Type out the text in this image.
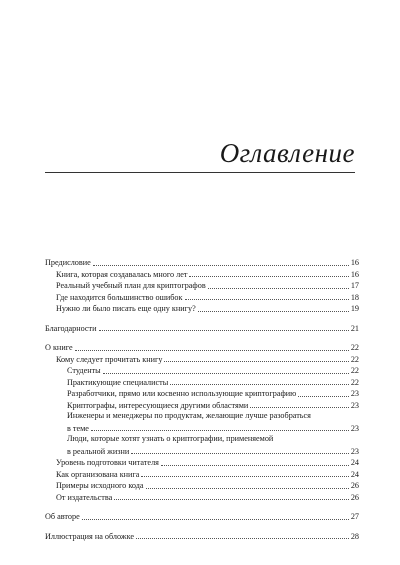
Оглавление
Предисловие	16
Книга, которая создавалась много лет	16
Реальный учебный план для криптографов	17
Где находится большинство ошибок	18
Нужно ли было писать еще одну книгу?	19
Благодарности	21
О книге	22
Кому следует прочитать книгу	22
Студенты	22
Практикующие специалисты	22
Разработчики, прямо или косвенно использующие криптографию	23
Криптографы, интересующиеся другими областями	23
Инженеры и менеджеры по продуктам, желающие лучше разобраться
в теме	23
Люди, которые хотят узнать о криптографии, применяемой
в реальной жизни	23
Уровень подготовки читателя	24
Как организована книга	24
Примеры исходного кода	26
От издательства	26
Об авторе	27
Иллюстрация на обложке	28
